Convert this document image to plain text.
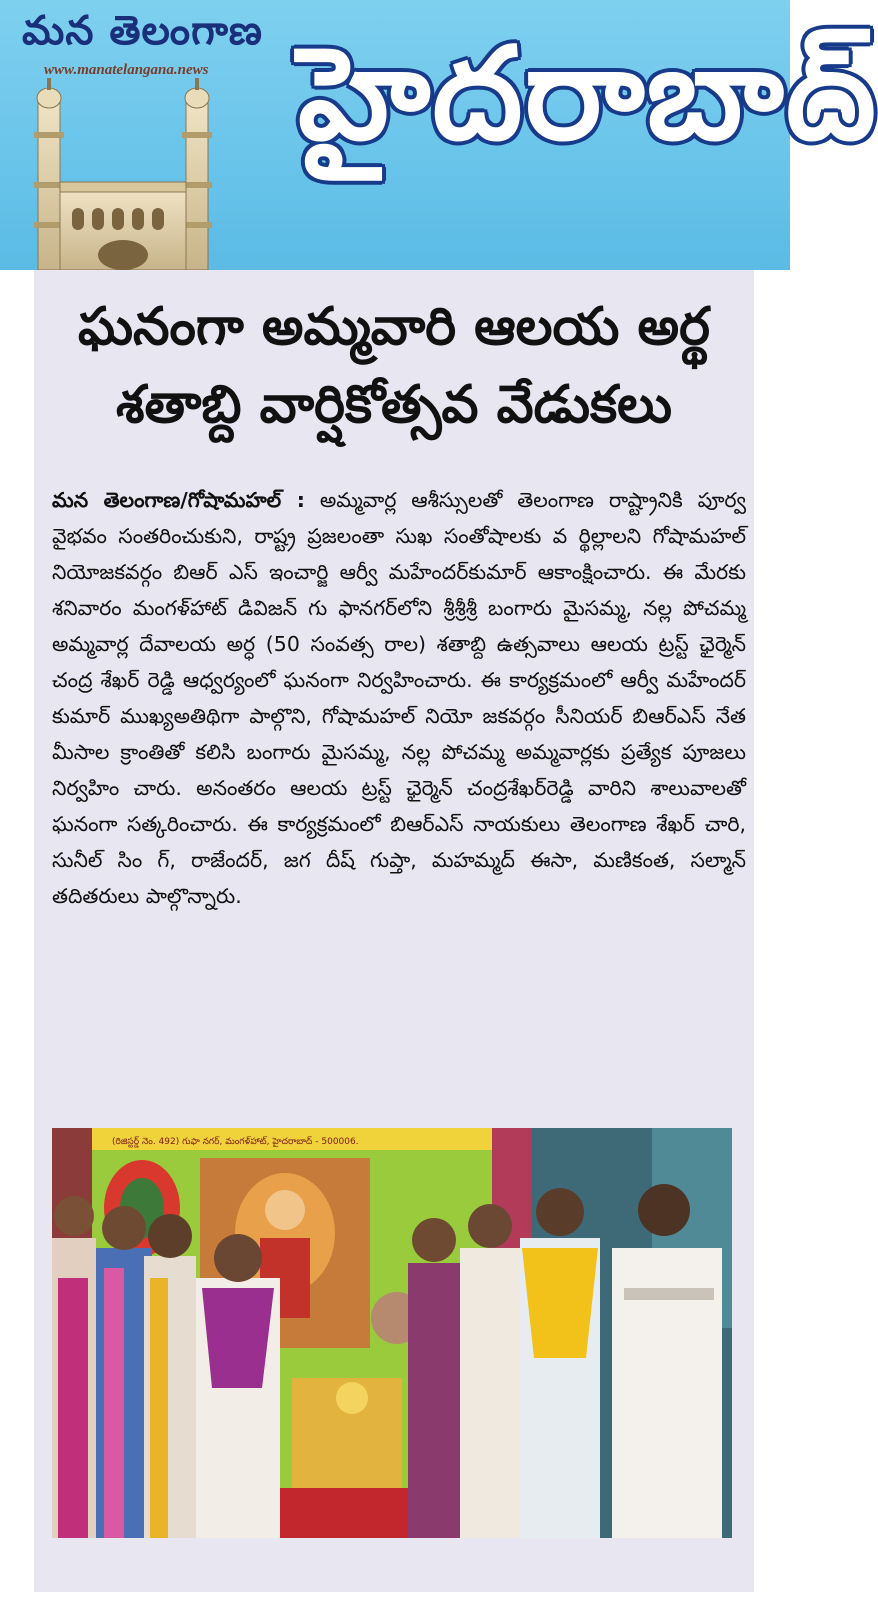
మన తెలంగాణ
www.manatelangana.news హైదరాబాద్
ఘనంగా అమ్మవారి ఆలయ అర్థ
శతాబ్ది వార్షికోత్సవ వేడుకలు

మన తెలంగాణ/గోషామహల్ : అమ్మవార్ల ఆశీస్సులతో తెలంగాణ రాష్ట్రానికి పూర్వ వైభవం సంతరించుకుని, రాష్ట్ర ప్రజలంతా సుఖ సంతోషాలకు వ ర్థిల్లాలని గోషామహల్ నియోజకవర్గం బిఆర్ ఎస్ ఇంచార్జి ఆర్వీ మహేందర్‌కుమార్ ఆకాంక్షించారు. ఈ మేరకు శనివారం మంగళ్‌హాట్ డివిజన్ గు ఫానగర్‌లోని శ్రీశ్రీశ్రీ బంగారు మైసమ్మ, నల్ల పోచమ్మ అమ్మవార్ల దేవాలయ అర్ధ (50 సంవత్స రాల) శతాబ్ది ఉత్సవాలు ఆలయ ట్రస్ట్ ఛైర్మెన్ చంద్ర శేఖర్ రెడ్డి ఆధ్వర్యంలో ఘనంగా నిర్వహించారు. ఈ కార్యక్రమంలో ఆర్వీ మహేందర్ కుమార్ ముఖ్యఅతిథిగా పాల్గొని, గోషామహల్ నియో జకవర్గం సీనియర్ బిఆర్‌ఎస్ నేత మీసాల క్రాంతితో కలిసి బంగారు మైసమ్మ, నల్ల పోచమ్మ అమ్మవార్లకు ప్రత్యేక పూజలు నిర్వహిం చారు. అనంతరం ఆలయ ట్రస్ట్ ఛైర్మెన్ చంద్రశేఖర్‌రెడ్డి వారిని శాలువాలతో ఘనంగా సత్కరించారు. ఈ కార్యక్రమంలో బిఆర్‌ఎస్ నాయకులు తెలంగాణ శేఖర్ చారి, సునీల్ సిం గ్, రాజేందర్, జగ దీష్ గుప్తా, మహమ్మద్ ఈసా, మణికంత, సల్మాన్ తదితరులు పాల్గొన్నారు.

(రిజిస్టర్డ్ నెం. 492) గుఫా నగర్, మంగళ్‌హాట్, హైదరాబాద్ - 500006.
